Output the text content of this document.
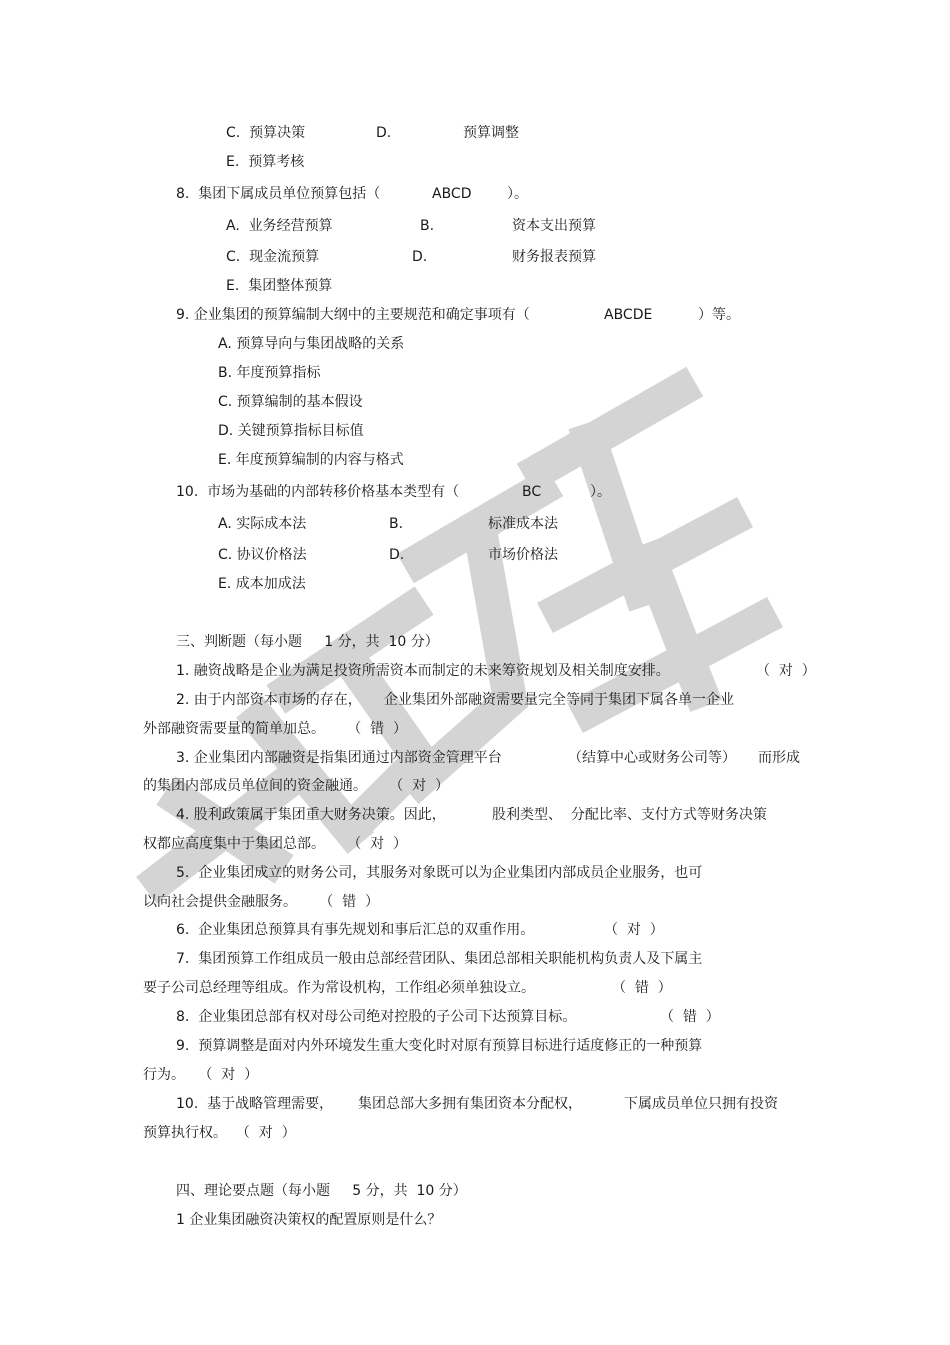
C.  预算决策	D.	预算调整
E.  预算考核
8.  集团下属成员单位预算包括（	ABCD	）。
A.  业务经营预算	B.	资本支出预算
C.  现金流预算	D.	财务报表预算
E.  集团整体预算
9. 企业集团的预算编制大纲中的主要规范和确定事项有（	ABCDE	）等。
A. 预算导向与集团战略的关系
B. 年度预算指标
C. 预算编制的基本假设
D. 关键预算指标目标值
E. 年度预算编制的内容与格式
10.  市场为基础的内部转移价格基本类型有（	BC	）。
A. 实际成本法	B.	标准成本法
C. 协议价格法	D.	市场价格法
E. 成本加成法
三、判断题（每小题     1 分，共  10 分）
1. 融资战略是企业为满足投资所需资本而制定的未来筹资规划及相关制度安排。	（  对  ）
2. 由于内部资本市场的存在，     企业集团外部融资需要量完全等同于集团下属各单一企业
外部融资需要量的简单加总。     （  错  ）
3. 企业集团内部融资是指集团通过内部资金管理平台	（结算中心或财务公司等） 而形成
的集团内部成员单位间的资金融通。     （  对  ）
4. 股利政策属于集团重大财务决策。因此，	股利类型、  分配比率、支付方式等财务决策
权都应高度集中于集团总部。     （  对  ）
5.  企业集团成立的财务公司，其服务对象既可以为企业集团内部成员企业服务，也可
以向社会提供金融服务。     （  错  ）
6.  企业集团总预算具有事先规划和事后汇总的双重作用。	（  对  ）
7.  集团预算工作组成员一般由总部经营团队、集团总部相关职能机构负责人及下属主
要子公司总经理等组成。作为常设机构，工作组必须单独设立。	（  错  ）
8.  企业集团总部有权对母公司绝对控股的子公司下达预算目标。	（  错  ）
9.  预算调整是面对内外环境发生重大变化时对原有预算目标进行适度修正的一种预算
行为。   （  对  ）
10.  基于战略管理需要， 集团总部大多拥有集团资本分配权，	下属成员单位只拥有投资
预算执行权。  （  对  ）
四、理论要点题（每小题     5 分，共  10 分）
1 企业集团融资决策权的配置原则是什么？
